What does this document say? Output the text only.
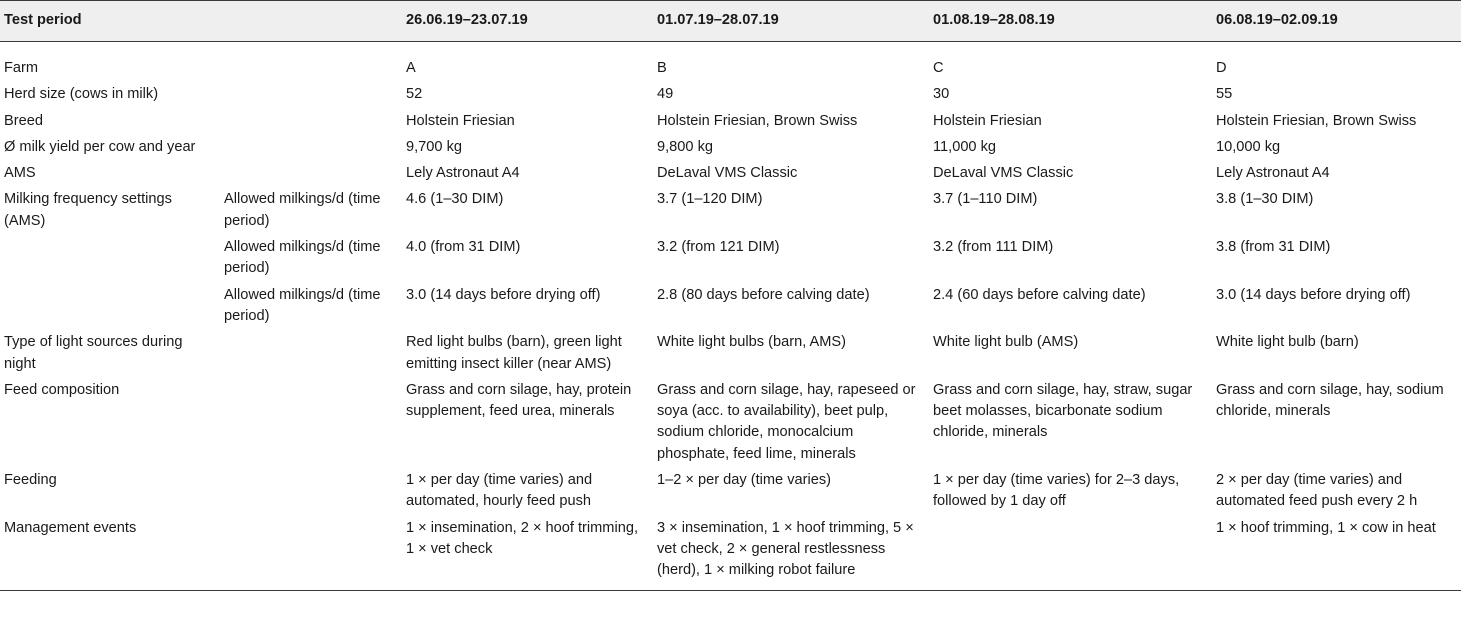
Test period		26.06.19–23.07.19	01.07.19–28.07.19	01.08.19–28.08.19	06.08.19–02.09.19
Farm		A	B	C	D
Herd size (cows in milk)		52	49	30	55
Breed		Holstein Friesian	Holstein Friesian, Brown Swiss	Holstein Friesian	Holstein Friesian, Brown Swiss
Ø milk yield per cow and year		9,700 kg	9,800 kg	11,000 kg	10,000 kg
AMS		Lely Astronaut A4	DeLaval VMS Classic	DeLaval VMS Classic	Lely Astronaut A4
Milking frequency settings (AMS)	Allowed milkings/d (time period)	4.6 (1–30 DIM)	3.7 (1–120 DIM)	3.7 (1–110 DIM)	3.8 (1–30 DIM)
	Allowed milkings/d (time period)	4.0 (from 31 DIM)	3.2 (from 121 DIM)	3.2 (from 111 DIM)	3.8 (from 31 DIM)
	Allowed milkings/d (time period)	3.0 (14 days before drying off)	2.8 (80 days before calving date)	2.4 (60 days before calving date)	3.0 (14 days before drying off)
Type of light sources during night		Red light bulbs (barn), green light emitting insect killer (near AMS)	White light bulbs (barn, AMS)	White light bulb (AMS)	White light bulb (barn)
Feed composition		Grass and corn silage, hay, protein supplement, feed urea, minerals	Grass and corn silage, hay, rapeseed or soya (acc. to availability), beet pulp, sodium chloride, monocalcium phosphate, feed lime, minerals	Grass and corn silage, hay, straw, sugar beet molasses, bicarbonate sodium chloride, minerals	Grass and corn silage, hay, sodium chloride, minerals
Feeding		1 × per day (time varies) and automated, hourly feed push	1–2 × per day (time varies)	1 × per day (time varies) for 2–3 days, followed by 1 day off	2 × per day (time varies) and automated feed push every 2 h
Management events		1 × insemination, 2 × hoof trimming, 1 × vet check	3 × insemination, 1 × hoof trimming, 5 × vet check, 2 × general restlessness (herd), 1 × milking robot failure		1 × hoof trimming, 1 × cow in heat
